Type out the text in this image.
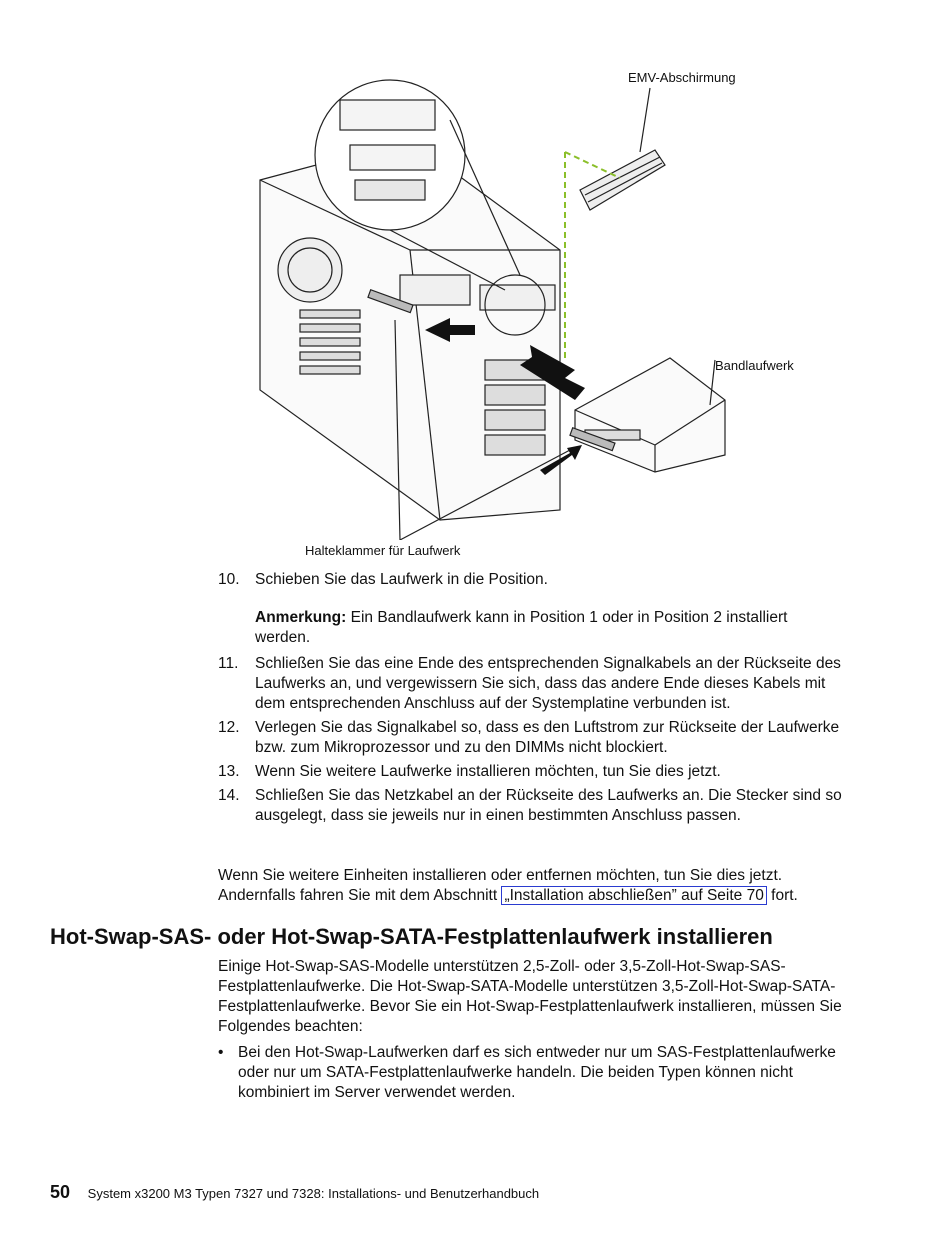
EMV-Abschirmung
Bandlaufwerk
Halteklammer für Laufwerk
10. Schieben Sie das Laufwerk in die Position.
Anmerkung: Ein Bandlaufwerk kann in Position 1 oder in Position 2 installiert werden.
11.	Schließen Sie das eine Ende des entsprechenden Signalkabels an der Rückseite des Laufwerks an, und vergewissern Sie sich, dass das andere Ende dieses Kabels mit dem entsprechenden Anschluss auf der Systemplatine verbunden ist.
12. Verlegen Sie das Signalkabel so, dass es den Luftstrom zur Rückseite der Laufwerke bzw. zum Mikroprozessor und zu den DIMMs nicht blockiert.
13. Wenn Sie weitere Laufwerke installieren möchten, tun Sie dies jetzt.
14. Schließen Sie das Netzkabel an der Rückseite des Laufwerks an. Die Stecker sind so ausgelegt, dass sie jeweils nur in einen bestimmten Anschluss passen.
Wenn Sie weitere Einheiten installieren oder entfernen möchten, tun Sie dies jetzt.
Andernfalls fahren Sie mit dem Abschnitt „Installation abschließen” auf Seite 70 fort.
Hot-Swap-SAS- oder Hot-Swap-SATA-Festplattenlaufwerk installieren
Einige Hot-Swap-SAS-Modelle unterstützen 2,5-Zoll- oder 3,5-Zoll-Hot-Swap-SAS-Festplattenlaufwerke. Die Hot-Swap-SATA-Modelle unterstützen 3,5-Zoll-Hot-Swap-SATA-Festplattenlaufwerke. Bevor Sie ein Hot-Swap-Festplattenlaufwerk installieren, müssen Sie Folgendes beachten:
• Bei den Hot-Swap-Laufwerken darf es sich entweder nur um SAS-Festplattenlaufwerke oder nur um SATA-Festplattenlaufwerke handeln. Die beiden Typen können nicht kombiniert im Server verwendet werden.
50 System x3200 M3 Typen 7327 und 7328: Installations- und Benutzerhandbuch
